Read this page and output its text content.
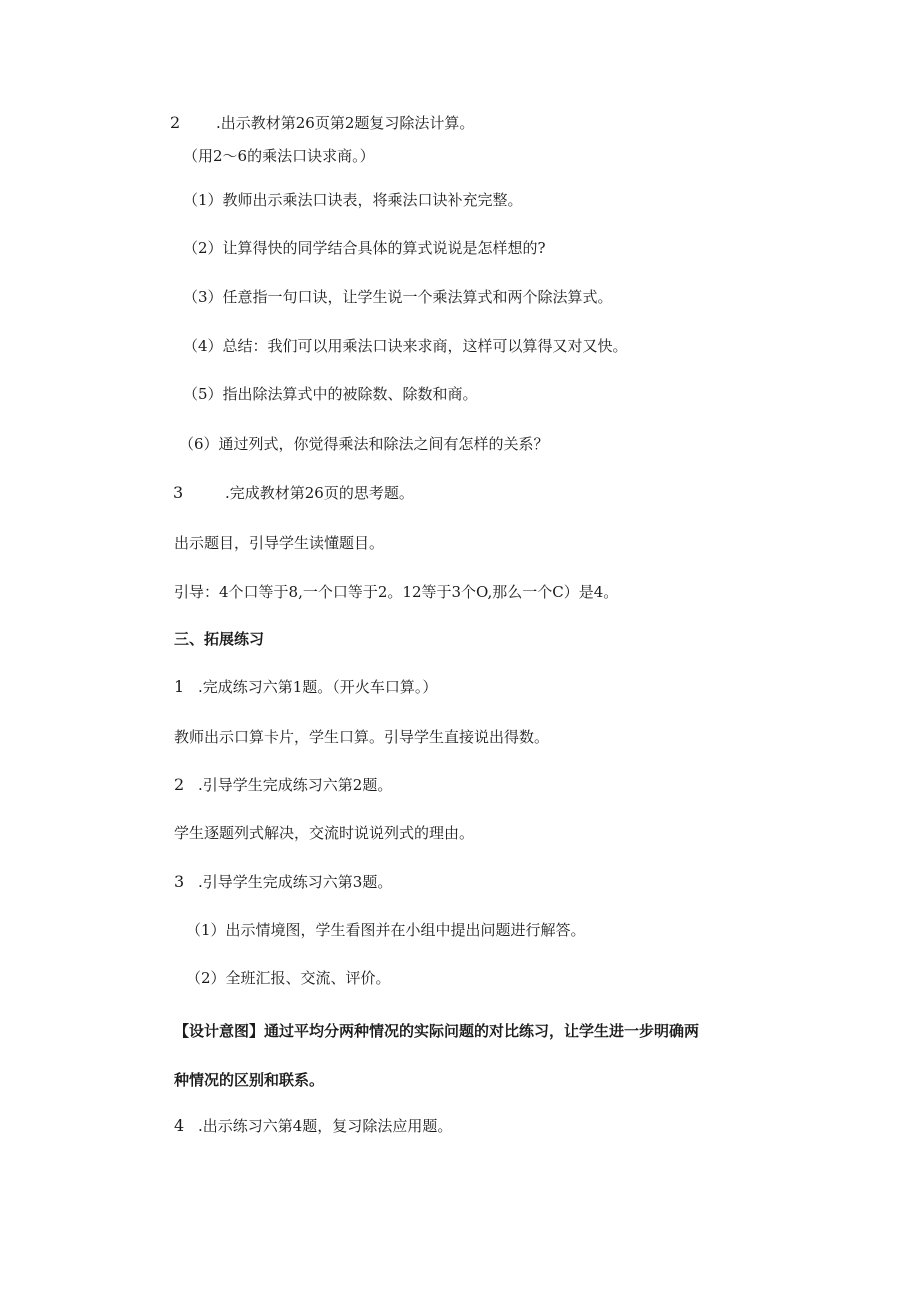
2 .出示教材第26页第2题复习除法计算。
（用2～6的乘法口诀求商。）
（1）教师出示乘法口诀表，将乘法口诀补充完整。
（2）让算得快的同学结合具体的算式说说是怎样想的?
（3）任意指一句口诀，让学生说一个乘法算式和两个除法算式。
（4）总结：我们可以用乘法口诀来求商，这样可以算得又对又快。
（5）指出除法算式中的被除数、除数和商。
（6）通过列式，你觉得乘法和除法之间有怎样的关系？
3	.完成教材第26页的思考题。
出示题目，引导学生读懂题目。
引导：4个口等于8,一个口等于2。12等于3个O,那么一个C）是4。
三、拓展练习
1 .完成练习六第1题。（开火车口算。）
教师出示口算卡片，学生口算。引导学生直接说出得数。
2 .引导学生完成练习六第2题。
学生逐题列式解决，交流时说说列式的理由。
3 .引导学生完成练习六第3题。
（1）出示情境图，学生看图并在小组中提出问题进行解答。
（2）全班汇报、交流、评价。
【设计意图】通过平均分两种情况的实际问题的对比练习，让学生进一步明确两
种情况的区别和联系。
4 .出示练习六第4题，复习除法应用题。
